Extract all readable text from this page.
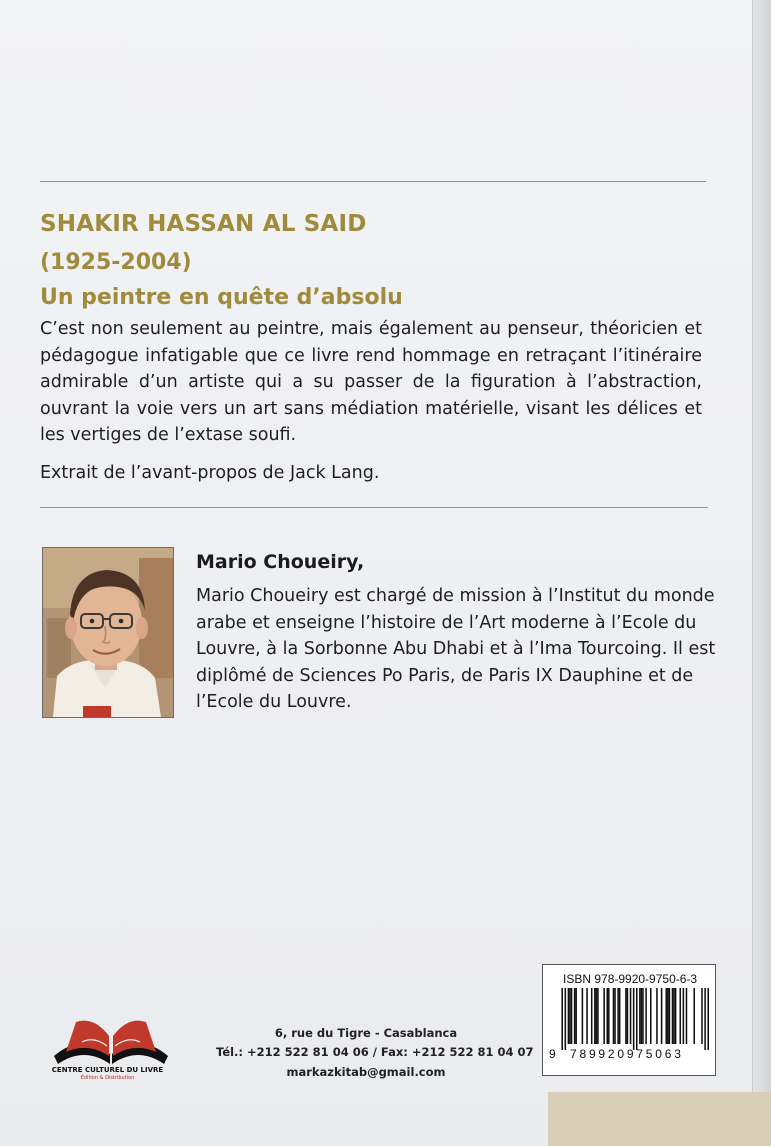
SHAKIR HASSAN AL SAID
(1925-2004)
Un peintre en quête d’absolu
C’est non seulement au peintre, mais également au penseur, théoricien et pédagogue infatigable que ce livre rend hommage en retraçant l’itinéraire admirable d’un artiste qui a su passer de la figuration à l’abstraction, ouvrant la voie vers un art sans médiation matérielle, visant les délices et les vertiges de l’extase soufi.
Extrait de l’avant-propos de Jack Lang.
Mario Choueiry,
Mario Choueiry est chargé de mission à l’Institut du monde arabe et enseigne l’histoire de l’Art moderne à l’Ecole du Louvre, à la Sorbonne Abu Dhabi et à l’Ima Tourcoing. Il est diplômé de Sciences Po Paris, de Paris IX Dauphine et de l’Ecole du Louvre.
CENTRE CULTUREL DU LIVRE
Édition & Distribution
6, rue du Tigre - Casablanca
Tél.: +212 522 81 04 06 / Fax: +212 522 81 04 07
markazkitab@gmail.com
ISBN 978-9920-9750-6-3
9 789920975063
